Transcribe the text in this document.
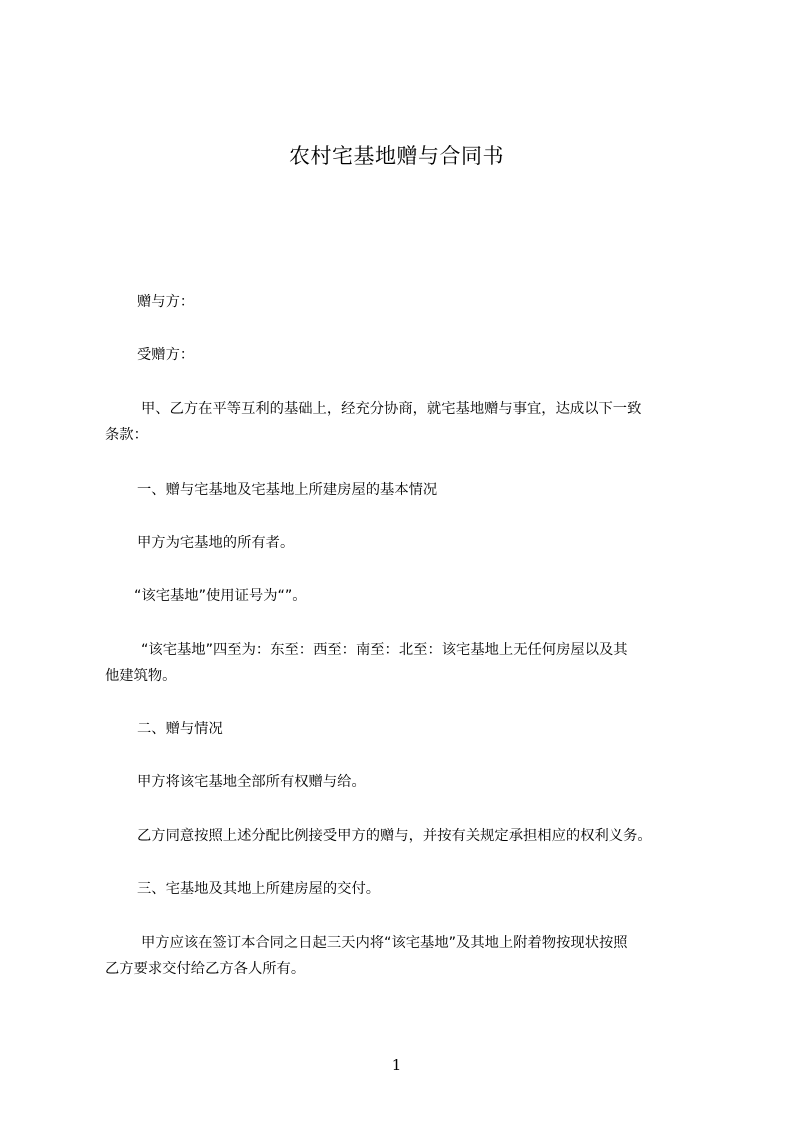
农村宅基地赠与合同书
赠与方：
受赠方：
甲、乙方在平等互利的基础上，经充分协商，就宅基地赠与事宜，达成以下一致
条款：
一、赠与宅基地及宅基地上所建房屋的基本情况
甲方为宅基地的所有者。
“该宅基地”使用证号为“”。
“该宅基地”四至为：东至：西至：南至：北至：该宅基地上无任何房屋以及其
他建筑物。
二、赠与情况
甲方将该宅基地全部所有权赠与给。
乙方同意按照上述分配比例接受甲方的赠与，并按有关规定承担相应的权利义务。
三、宅基地及其地上所建房屋的交付。
甲方应该在签订本合同之日起三天内将“该宅基地”及其地上附着物按现状按照
乙方要求交付给乙方各人所有。
1
